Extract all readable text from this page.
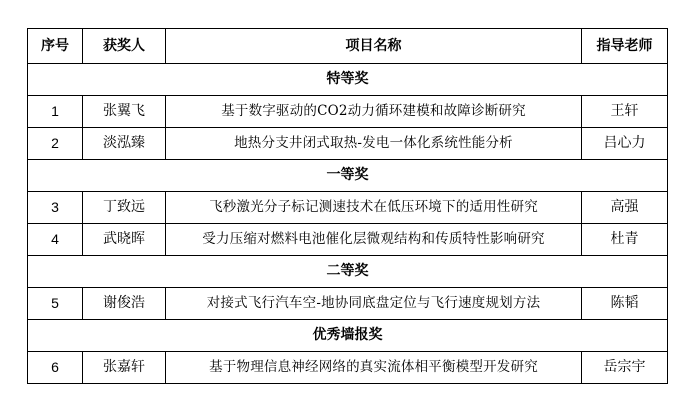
序号	获奖人	项目名称	指导老师
特等奖			
1	张翼飞	基于数字驱动的CO2动力循环建模和故障诊断研究	王轩
2	淡泓臻	地热分支井闭式取热-发电一体化系统性能分析	吕心力
一等奖			
3	丁致远	飞秒激光分子标记测速技术在低压环境下的适用性研究	高强
4	武晓晖	受力压缩对燃料电池催化层微观结构和传质特性影响研究	杜青
二等奖			
5	谢俊浩	对接式飞行汽车空-地协同底盘定位与飞行速度规划方法	陈韬
优秀墙报奖			
6	张嘉轩	基于物理信息神经网络的真实流体相平衡模型开发研究	岳宗宇
